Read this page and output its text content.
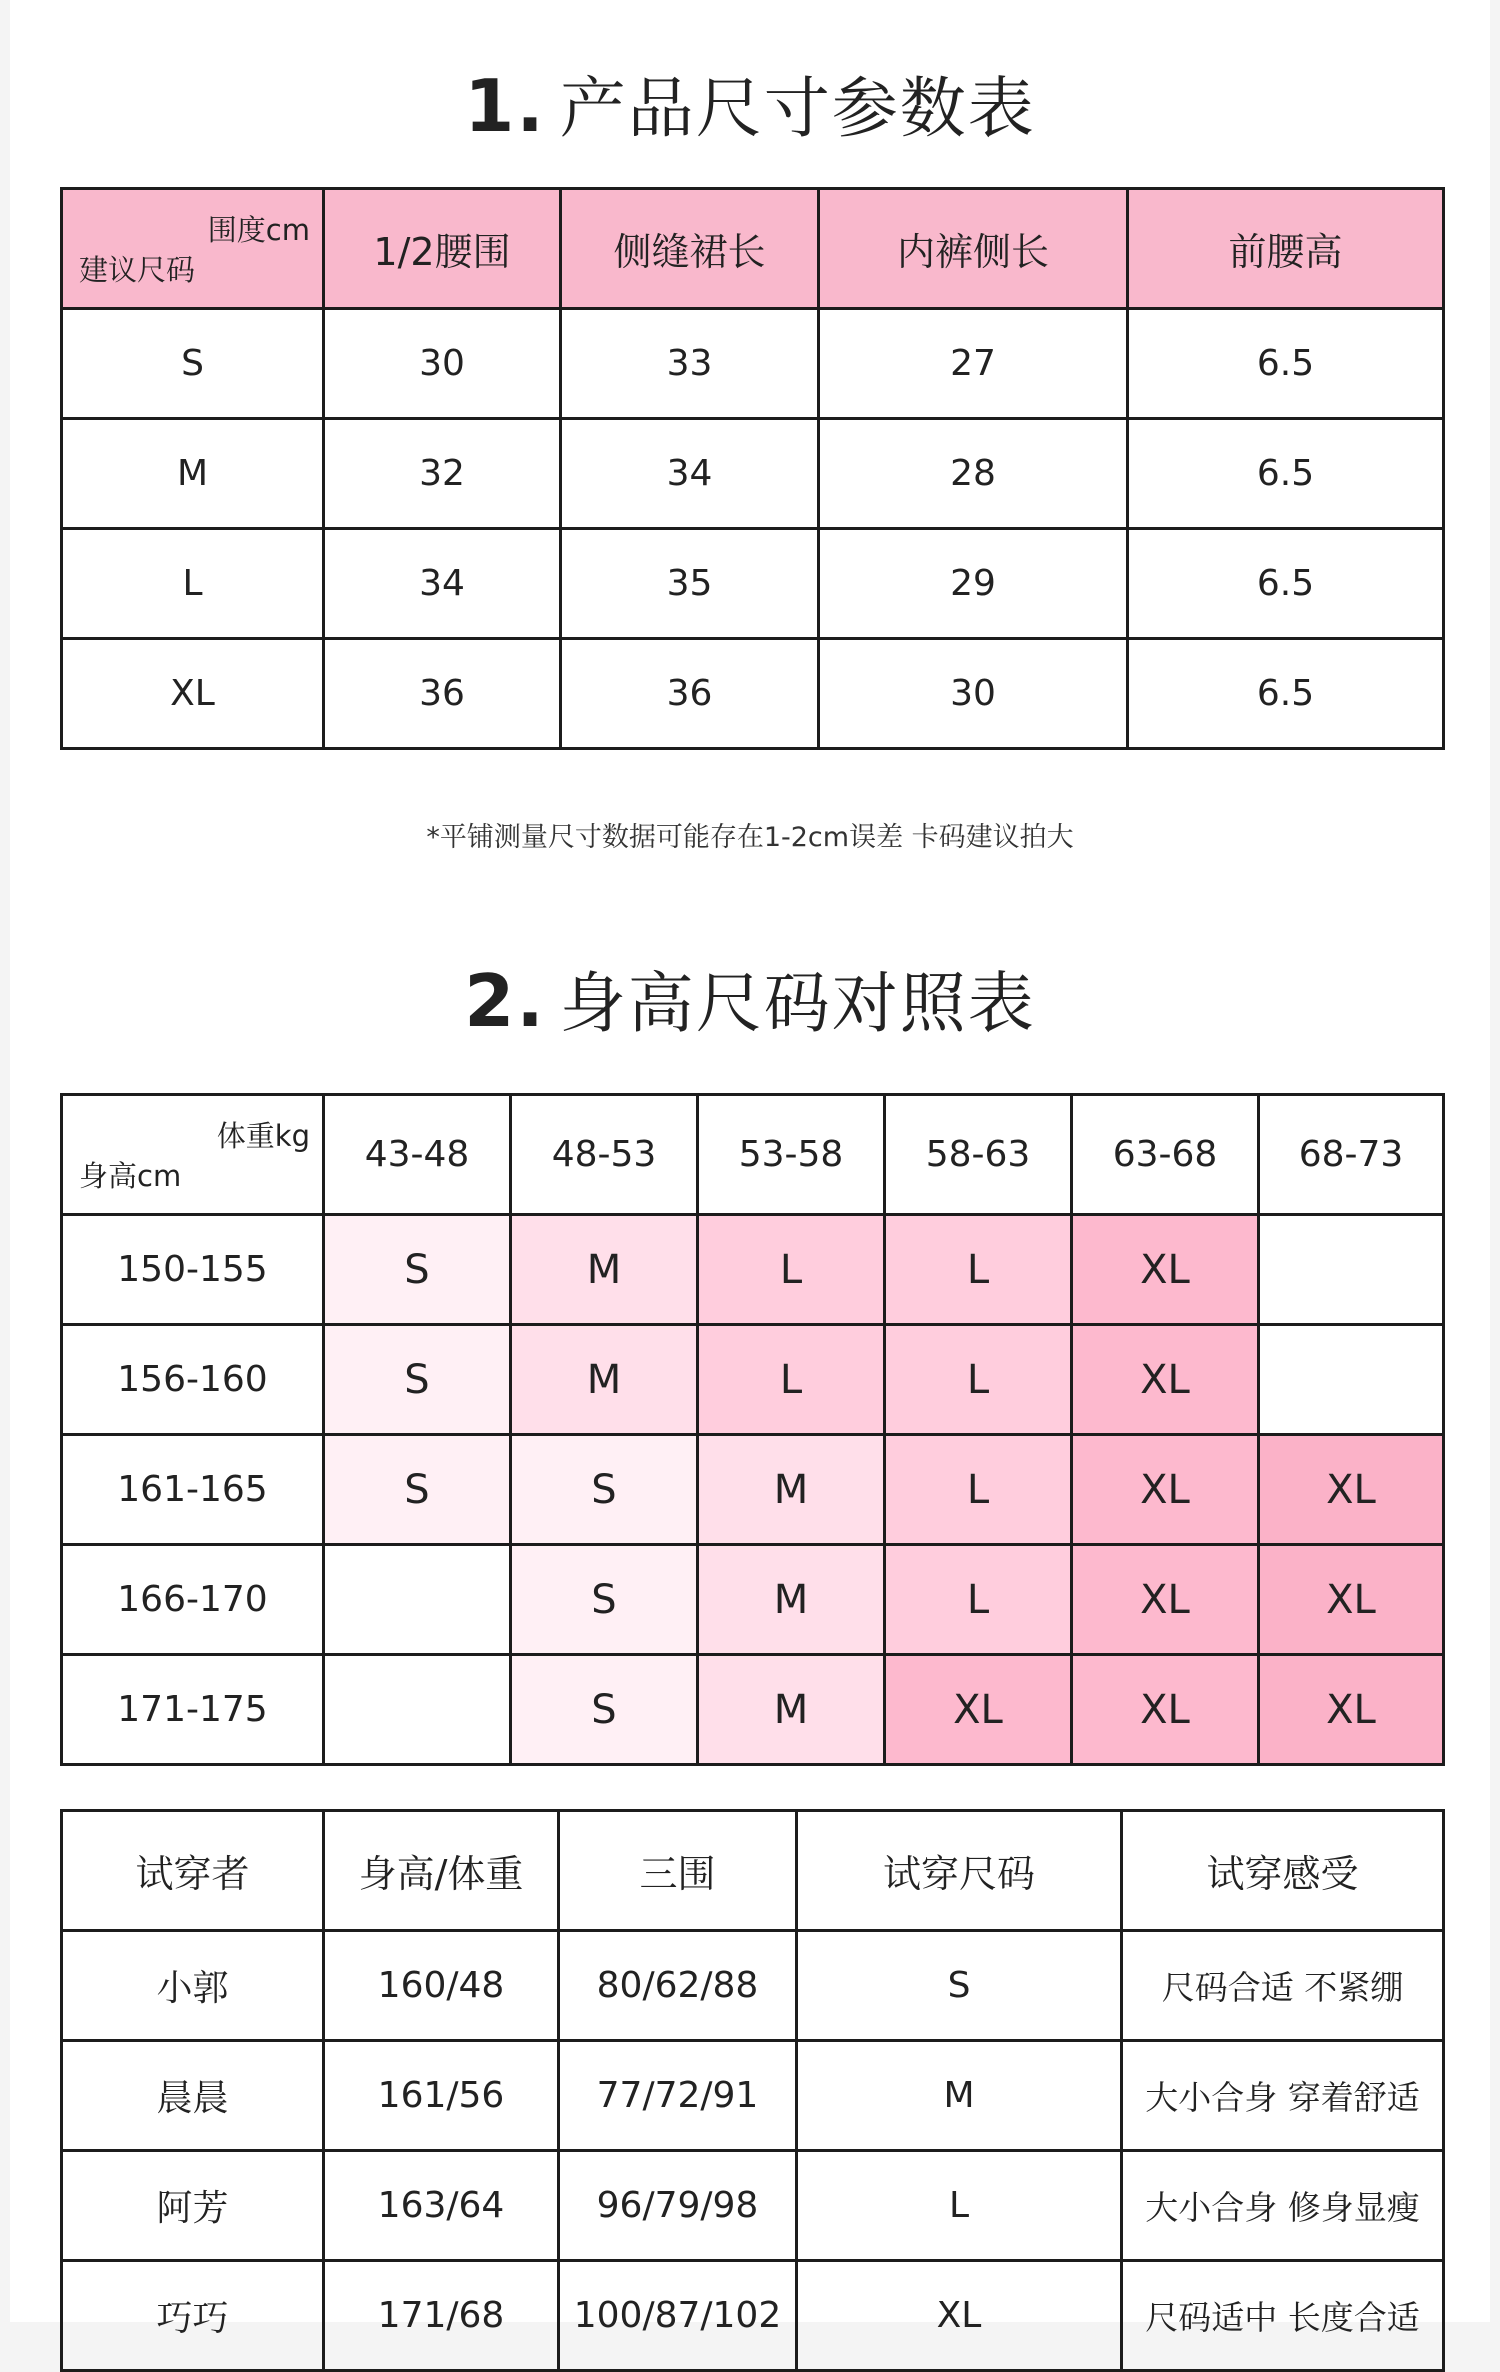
1. 产品尺寸参数表
围度cm
建议尺码	1/2腰围	侧缝裙长	内裤侧长	前腰高
S	30	33	27	6.5
M	32	34	28	6.5
L	34	35	29	6.5
XL	36	36	30	6.5
*平铺测量尺寸数据可能存在1-2cm误差 卡码建议拍大
2. 身高尺码对照表
体重kg
身高cm	43-48	48-53	53-58	58-63	63-68	68-73
150-155	S	M	L	L	XL	
156-160	S	M	L	L	XL	
161-165	S	S	M	L	XL	XL
166-170		S	M	L	XL	XL
171-175		S	M	XL	XL	XL
试穿者	身高/体重	三围	试穿尺码	试穿感受
小郭	160/48	80/62/88	S	尺码合适 不紧绷
晨晨	161/56	77/72/91	M	大小合身 穿着舒适
阿芳	163/64	96/79/98	L	大小合身 修身显瘦
巧巧	171/68	100/87/102	XL	尺码适中 长度合适
